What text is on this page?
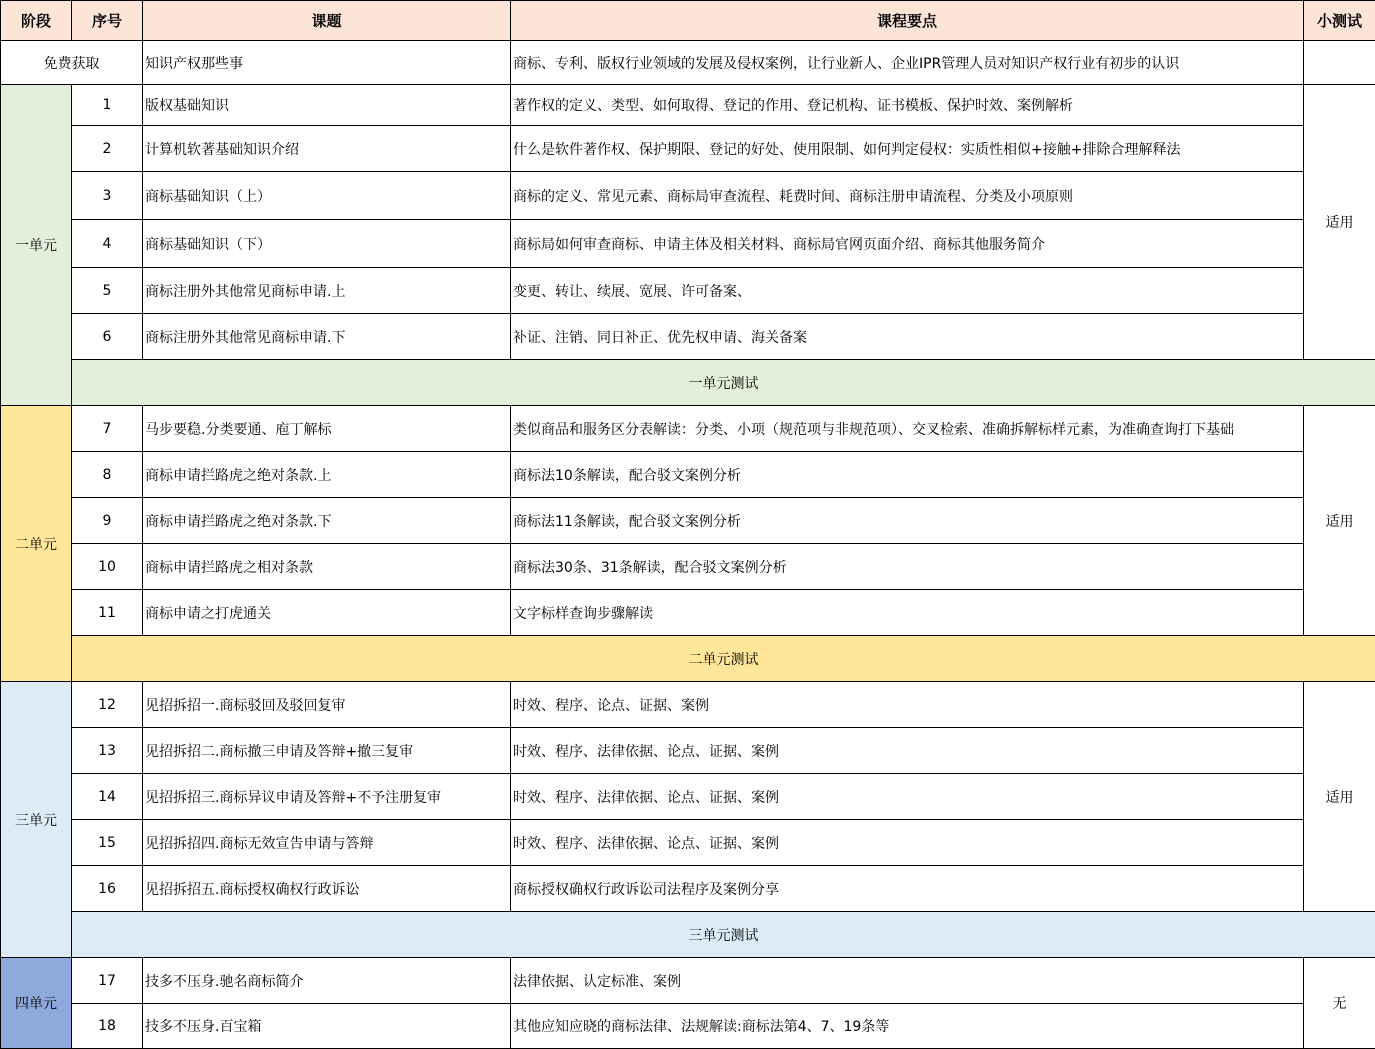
阶段	序号	课题	课程要点	小测试
免费获取		知识产权那些事	商标、专利、版权行业领域的发展及侵权案例，让行业新人、企业IPR管理人员对知识产权行业有初步的认识	
一单元	1	版权基础知识	著作权的定义、类型、如何取得、登记的作用、登记机构、证书模板、保护时效、案例解析	适用
	2	计算机软著基础知识介绍	什么是软件著作权、保护期限、登记的好处、使用限制、如何判定侵权：实质性相似+接触+排除合理解释法	
	3	商标基础知识（上）	商标的定义、常见元素、商标局审查流程、耗费时间、商标注册申请流程、分类及小项原则	
	4	商标基础知识（下）	商标局如何审查商标、申请主体及相关材料、商标局官网页面介绍、商标其他服务简介	
	5	商标注册外其他常见商标申请.上	变更、转让、续展、宽展、许可备案、	
	6	商标注册外其他常见商标申请.下	补证、注销、同日补正、优先权申请、海关备案	
	一单元测试			
二单元	7	马步要稳.分类要通、庖丁解标	类似商品和服务区分表解读：分类、小项（规范项与非规范项）、交叉检索、准确拆解标样元素，为准确查询打下基础	适用
	8	商标申请拦路虎之绝对条款.上	商标法10条解读，配合驳文案例分析	
	9	商标申请拦路虎之绝对条款.下	商标法11条解读，配合驳文案例分析	
	10	商标申请拦路虎之相对条款	商标法30条、31条解读，配合驳文案例分析	
	11	商标申请之打虎通关	文字标样查询步骤解读	
	二单元测试			
三单元	12	见招拆招一.商标驳回及驳回复审	时效、程序、论点、证据、案例	适用
	13	见招拆招二.商标撤三申请及答辩+撤三复审	时效、程序、法律依据、论点、证据、案例	
	14	见招拆招三.商标异议申请及答辩+不予注册复审	时效、程序、法律依据、论点、证据、案例	
	15	见招拆招四.商标无效宣告申请与答辩	时效、程序、法律依据、论点、证据、案例	
	16	见招拆招五.商标授权确权行政诉讼	商标授权确权行政诉讼司法程序及案例分享	
	三单元测试			
四单元	17	技多不压身.驰名商标简介	法律依据、认定标准、案例	无
	18	技多不压身.百宝箱	其他应知应晓的商标法律、法规解读:商标法第4、7、19条等	
